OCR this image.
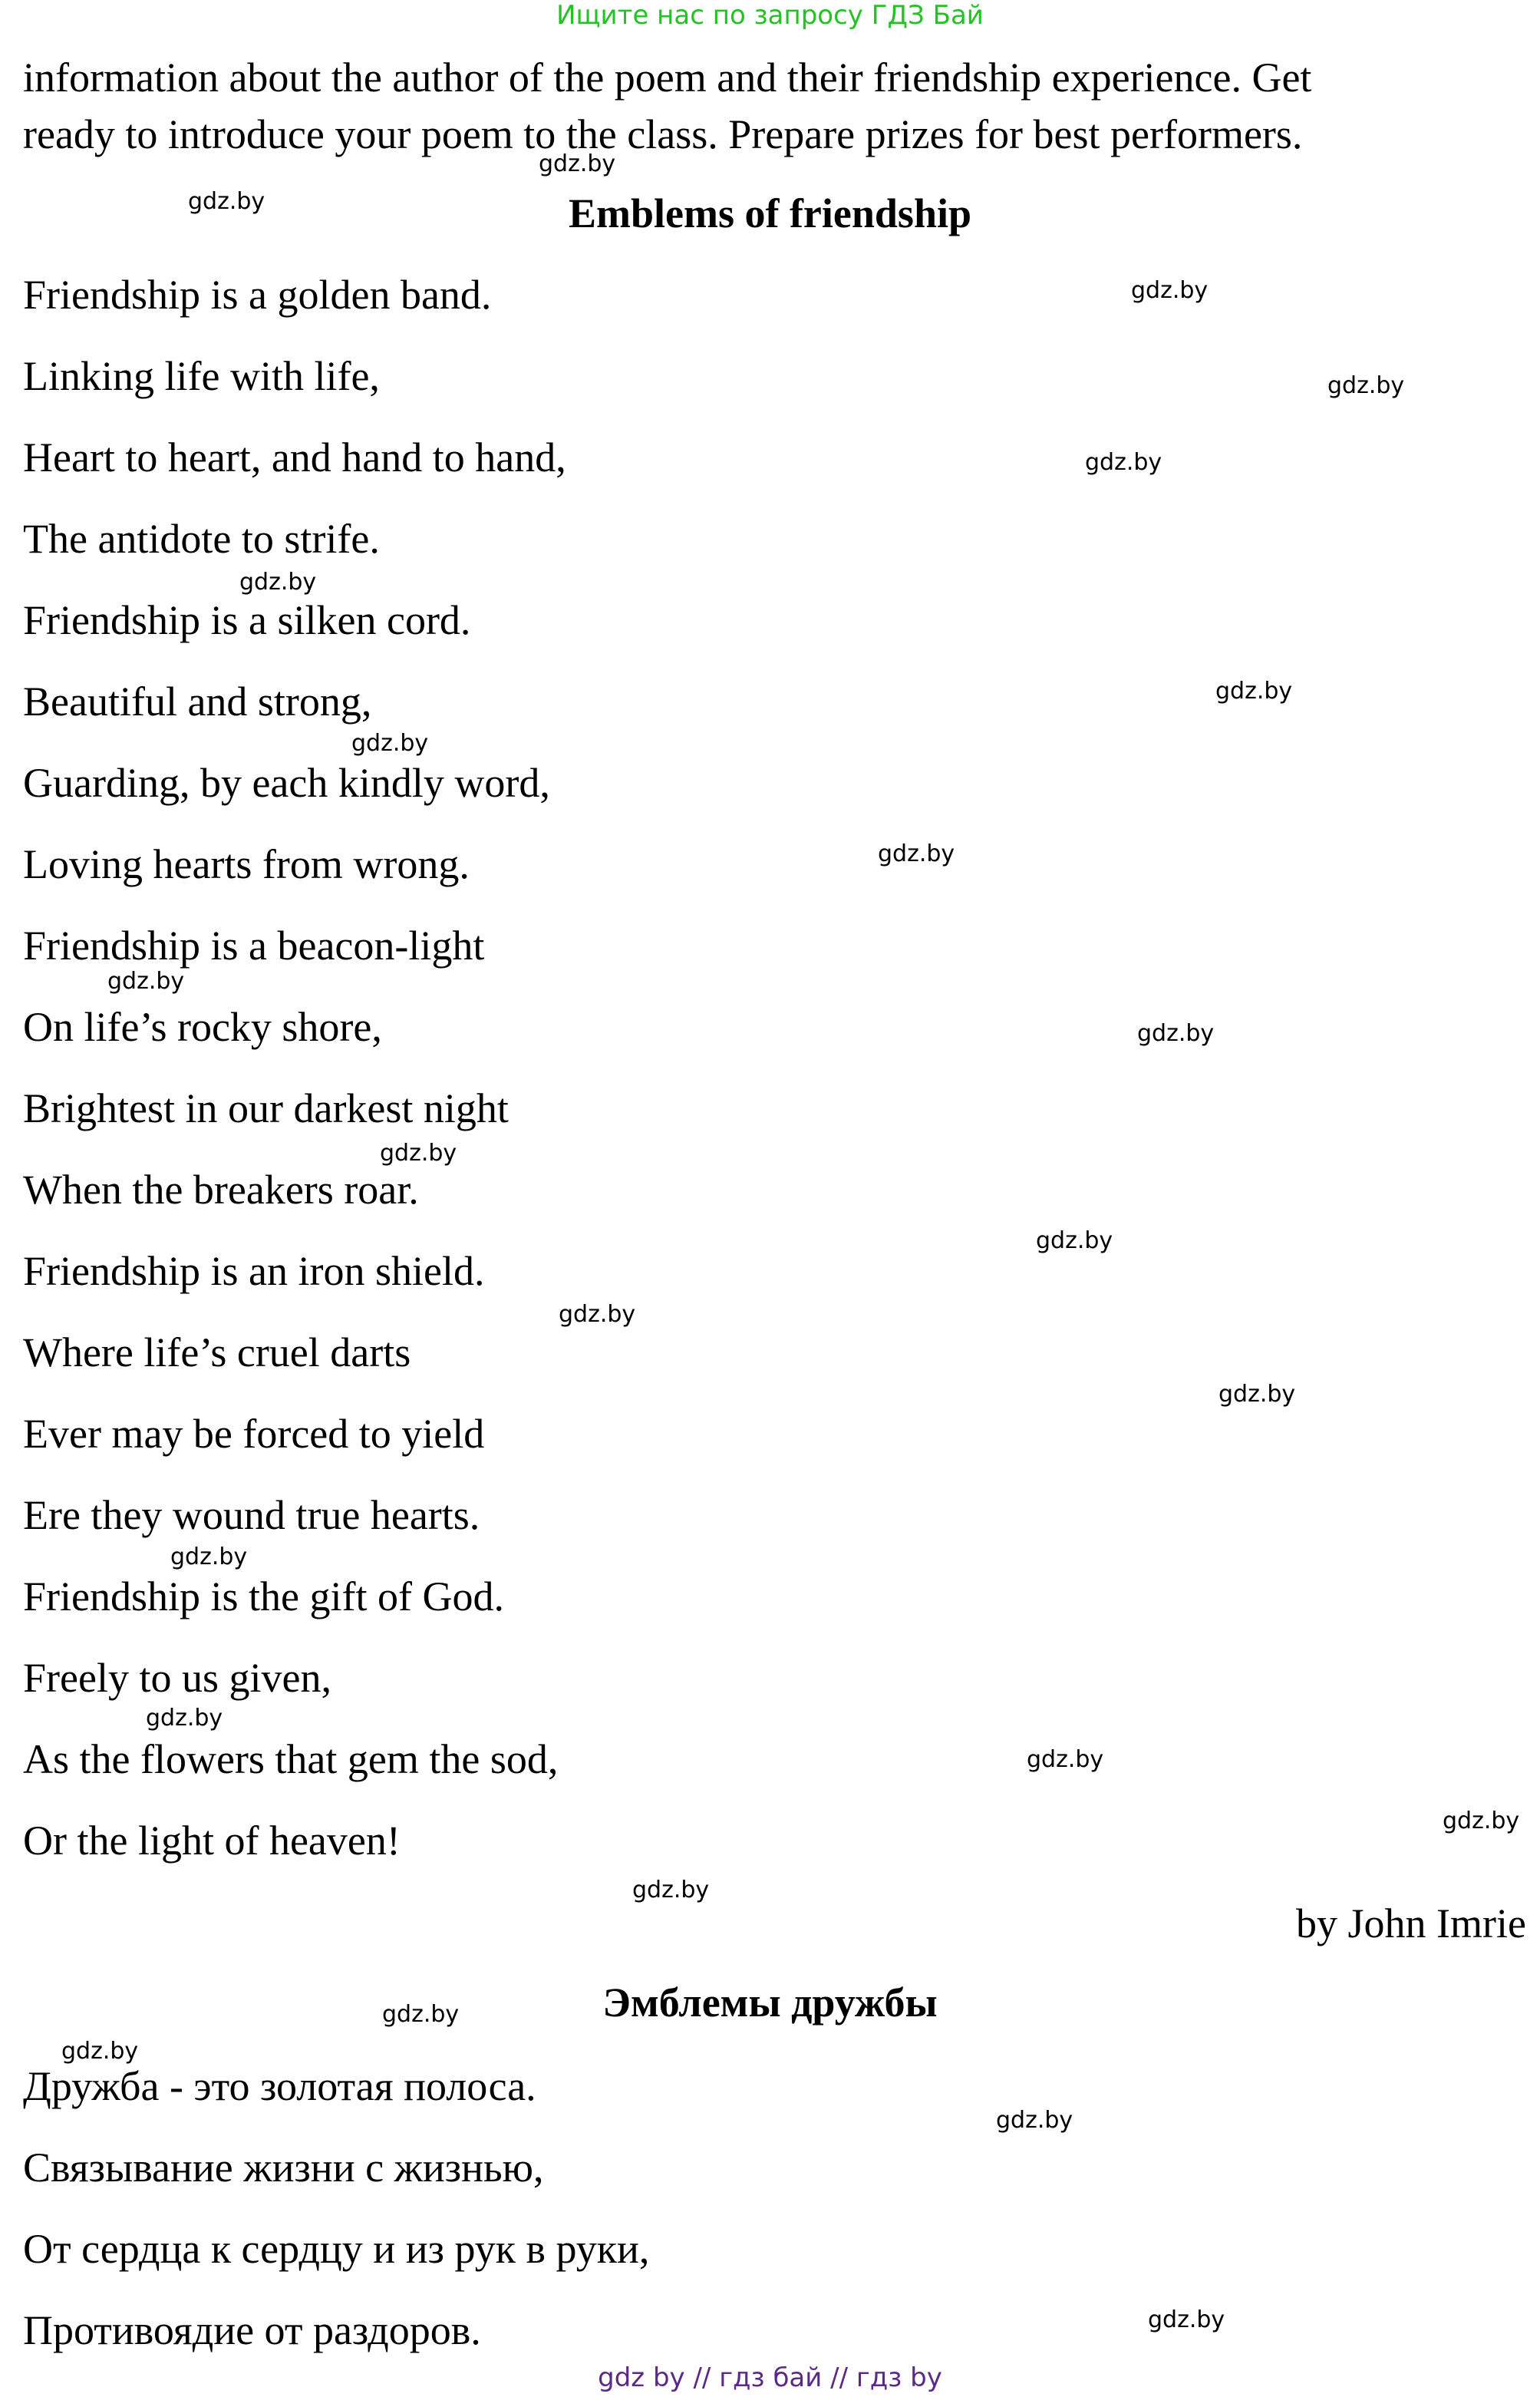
Ищите нас по запросу ГДЗ Бай
information about the author of the poem and their friendship experience. Get
ready to introduce your poem to the class. Prepare prizes for best performers.
Emblems of friendship
Friendship is a golden band.
Linking life with life,
Heart to heart, and hand to hand,
The antidote to strife.
Friendship is a silken cord.
Beautiful and strong,
Guarding, by each kindly word,
Loving hearts from wrong.
Friendship is a beacon-light
On life’s rocky shore,
Brightest in our darkest night
When the breakers roar.
Friendship is an iron shield.
Where life’s cruel darts
Ever may be forced to yield
Ere they wound true hearts.
Friendship is the gift of God.
Freely to us given,
As the flowers that gem the sod,
Or the light of heaven!
by John Imrie
Эмблемы дружбы
Дружба - это золотая полоса.
Связывание жизни с жизнью,
От сердца к сердцу и из рук в руки,
Противоядие от раздоров.
gdz.by
gdz.by
gdz.by
gdz.by
gdz.by
gdz.by
gdz.by
gdz.by
gdz.by
gdz.by
gdz.by
gdz.by
gdz.by
gdz.by
gdz.by
gdz.by
gdz.by
gdz.by
gdz.by
gdz.by
gdz.by
gdz.by
gdz.by
gdz.by
gdz by // гдз бай // гдз by
